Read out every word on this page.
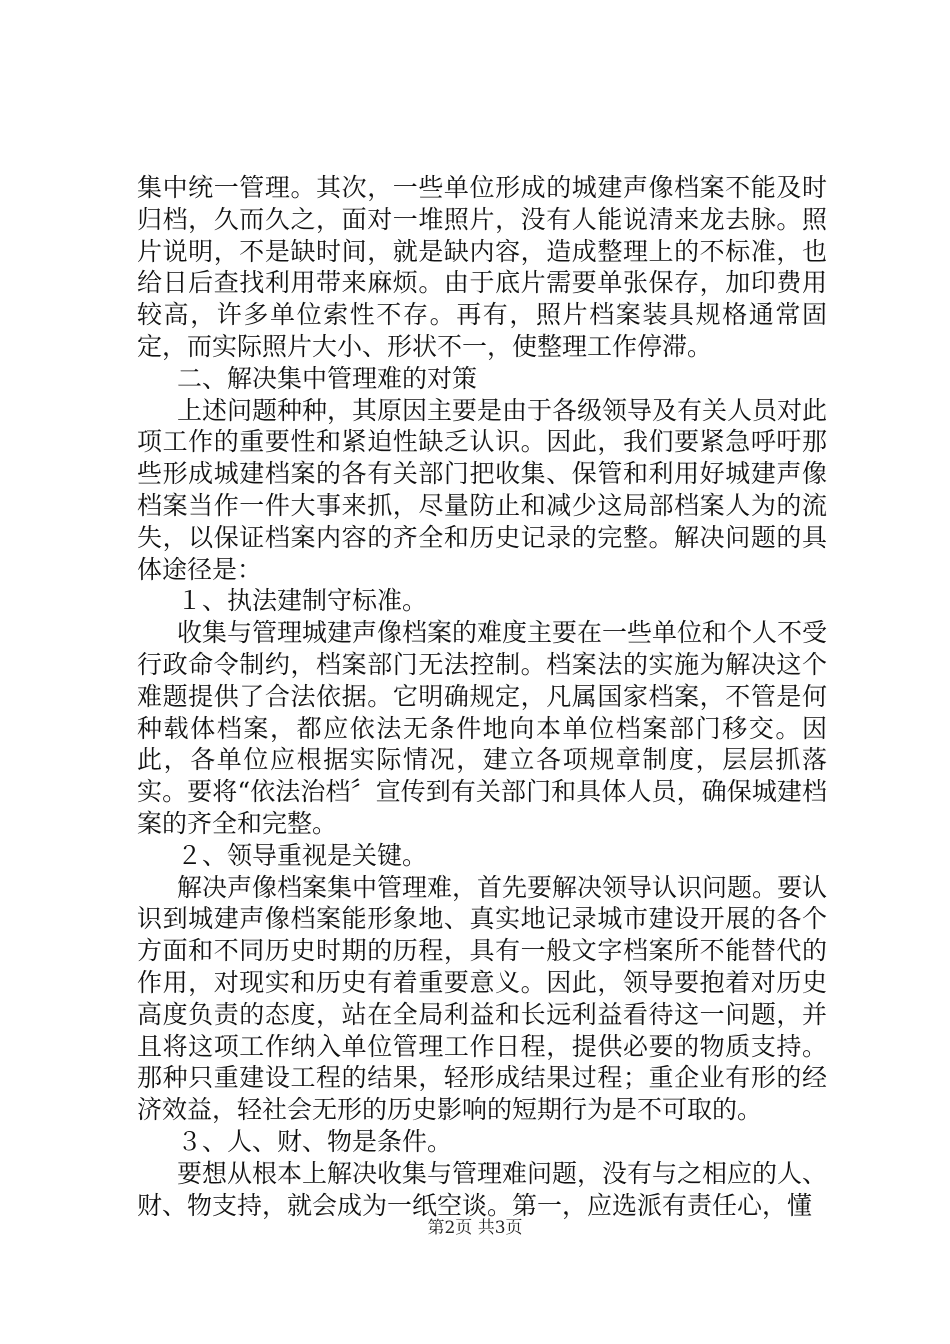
集中统一管理。其次，一些单位形成的城建声像档案不能及时归档，久而久之，面对一堆照片，没有人能说清来龙去脉。照片说明，不是缺时间，就是缺内容，造成整理上的不标准，也给日后查找利用带来麻烦。由于底片需要单张保存，加印费用较高，许多单位索性不存。再有，照片档案装具规格通常固定，而实际照片大小、形状不一，使整理工作停滞。

二、解决集中管理难的对策

上述问题种种，其原因主要是由于各级领导及有关人员对此项工作的重要性和紧迫性缺乏认识。因此，我们要紧急呼吁那些形成城建档案的各有关部门把收集、保管和利用好城建声像档案当作一件大事来抓，尽量防止和减少这局部档案人为的流失，以保证档案内容的齐全和历史记录的完整。解决问题的具体途径是：

１、执法建制守标准。

收集与管理城建声像档案的难度主要在一些单位和个人不受行政命令制约，档案部门无法控制。档案法的实施为解决这个难题提供了合法依据。它明确规定，凡属国家档案，不管是何种载体档案，都应依法无条件地向本单位档案部门移交。因此，各单位应根据实际情况，建立各项规章制度，层层抓落实。要将“依法治档〞宣传到有关部门和具体人员，确保城建档案的齐全和完整。

２、领导重视是关键。

解决声像档案集中管理难，首先要解决领导认识问题。要认识到城建声像档案能形象地、真实地记录城市建设开展的各个方面和不同历史时期的历程，具有一般文字档案所不能替代的作用，对现实和历史有着重要意义。因此，领导要抱着对历史高度负责的态度，站在全局利益和长远利益看待这一问题，并且将这项工作纳入单位管理工作日程，提供必要的物质支持。那种只重建设工程的结果，轻形成结果过程；重企业有形的经济效益，轻社会无形的历史影响的短期行为是不可取的。

３、人、财、物是条件。

要想从根本上解决收集与管理难问题，没有与之相应的人、财、物支持，就会成为一纸空谈。第一，应选派有责任心，懂

第2页 共3页
